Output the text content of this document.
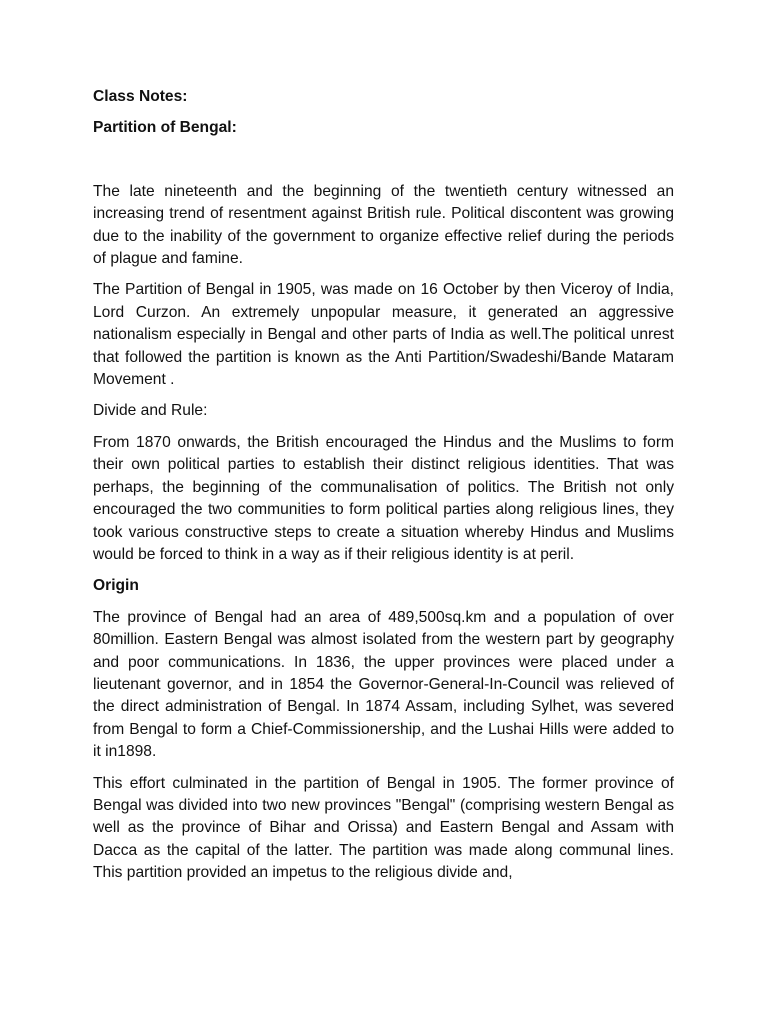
Class Notes:

Partition of Bengal:

The late nineteenth and the beginning of the twentieth century witnessed an increasing trend of resentment against British rule. Political discontent was growing due to the inability of the government to organize effective relief during the periods of plague and famine.

The Partition of Bengal in 1905, was made on 16 October by then Viceroy of India, Lord Curzon. An extremely unpopular measure, it generated an aggressive nationalism especially in Bengal and other parts of India as well.The political unrest that followed the partition is known as the Anti Partition/Swadeshi/Bande Mataram Movement .

Divide and Rule:

From 1870 onwards, the British encouraged the Hindus and the Muslims to form their own political parties to establish their distinct religious identities. That was perhaps, the beginning of the communalisation of politics. The British not only encouraged the two communities to form political parties along religious lines, they took various constructive steps to create a situation whereby Hindus and Muslims would be forced to think in a way as if their religious identity is at peril.

Origin

The province of Bengal had an area of 489,500sq.km and a population of over 80million. Eastern Bengal was almost isolated from the western part by geography and poor communications. In 1836, the upper provinces were placed under a lieutenant governor, and in 1854 the Governor-General-In-Council was relieved of the direct administration of Bengal. In 1874 Assam, including Sylhet, was severed from Bengal to form a Chief-Commissionership, and the Lushai Hills were added to it in1898.

This effort culminated in the partition of Bengal in 1905. The former province of Bengal was divided into two new provinces "Bengal" (comprising western Bengal as well as the province of Bihar and Orissa) and Eastern Bengal and Assam with Dacca as the capital of the latter. The partition was made along communal lines. This partition provided an impetus to the religious divide and,
